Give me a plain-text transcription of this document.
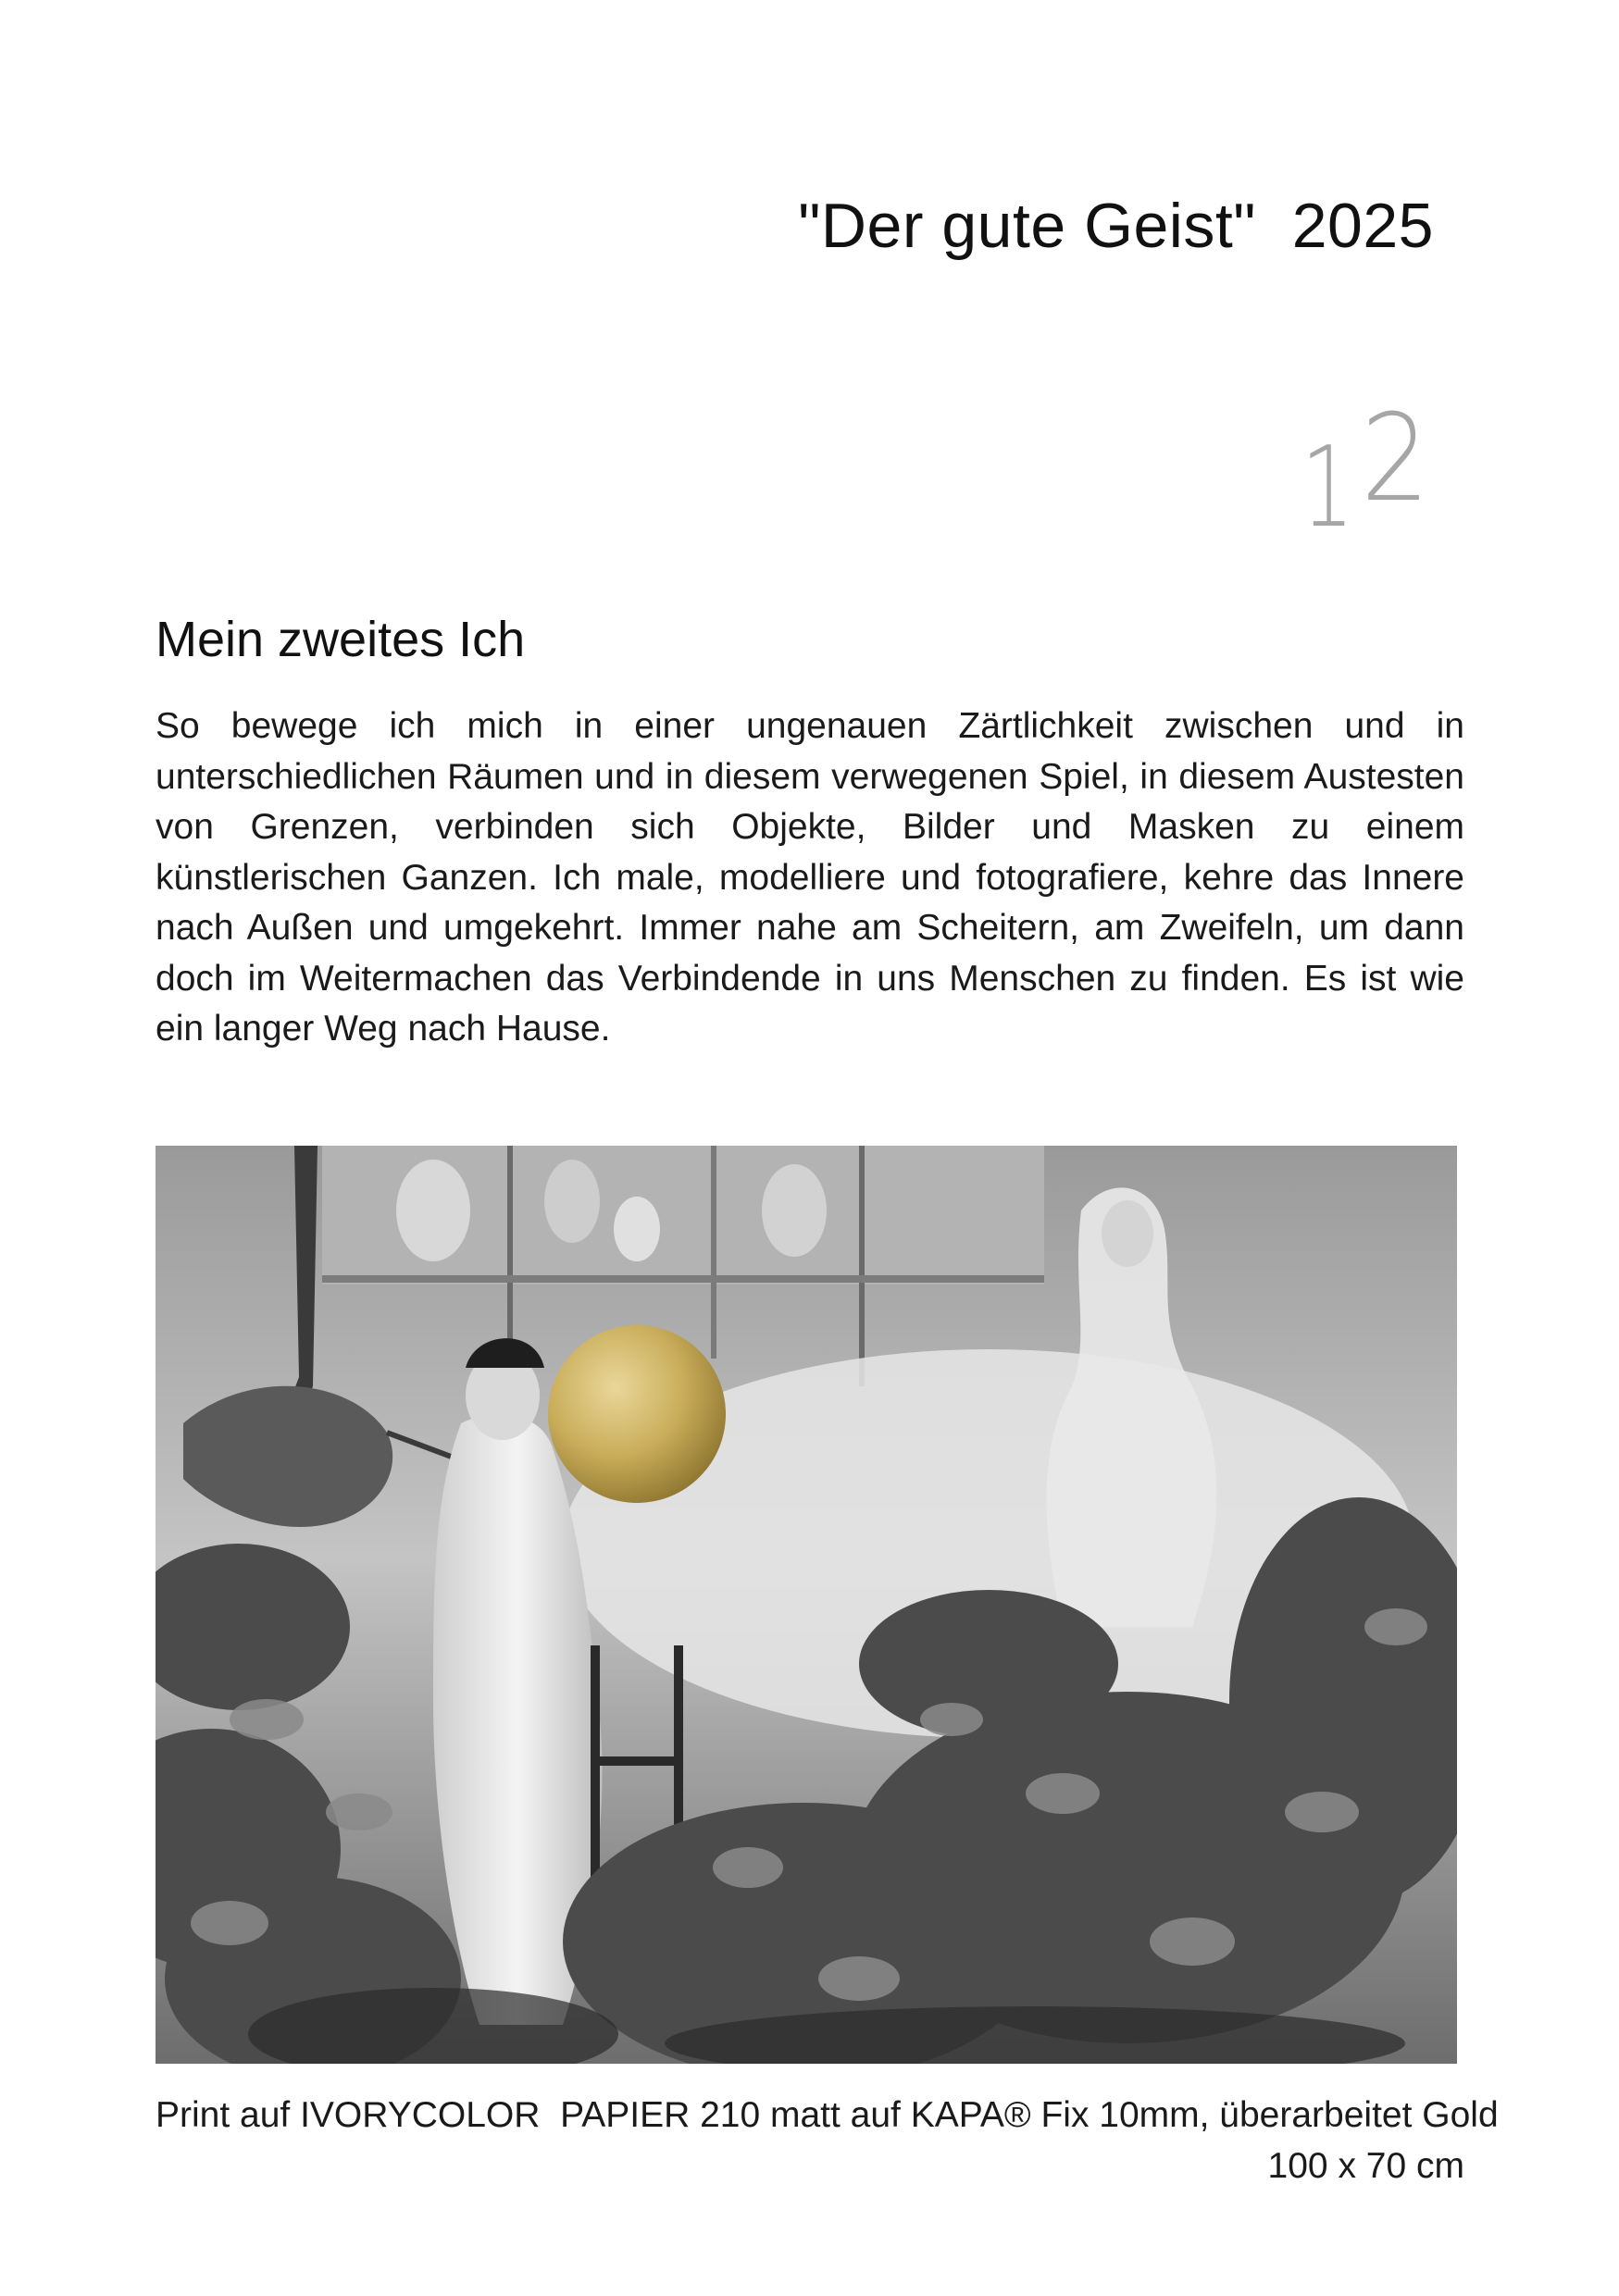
"Der gute Geist"  2025
12
Mein zweites Ich
So bewege ich mich in einer ungenauen Zärtlichkeit zwischen und in unterschiedlichen Räumen und in diesem verwegenen Spiel, in diesem Austesten von Grenzen, verbinden sich Objekte, Bilder und Masken zu einem künstlerischen Ganzen. Ich male, modelliere und fotografiere, kehre das Innere nach Außen und umgekehrt. Immer nahe am Scheitern, am Zweifeln, um dann doch im Weitermachen das Verbindende in uns Menschen zu finden. Es ist wie ein langer Weg nach Hause.
Print auf IVORYCOLOR  PAPIER 210 matt auf KAPA® Fix 10mm, überarbeitet Gold
100 x 70 cm
